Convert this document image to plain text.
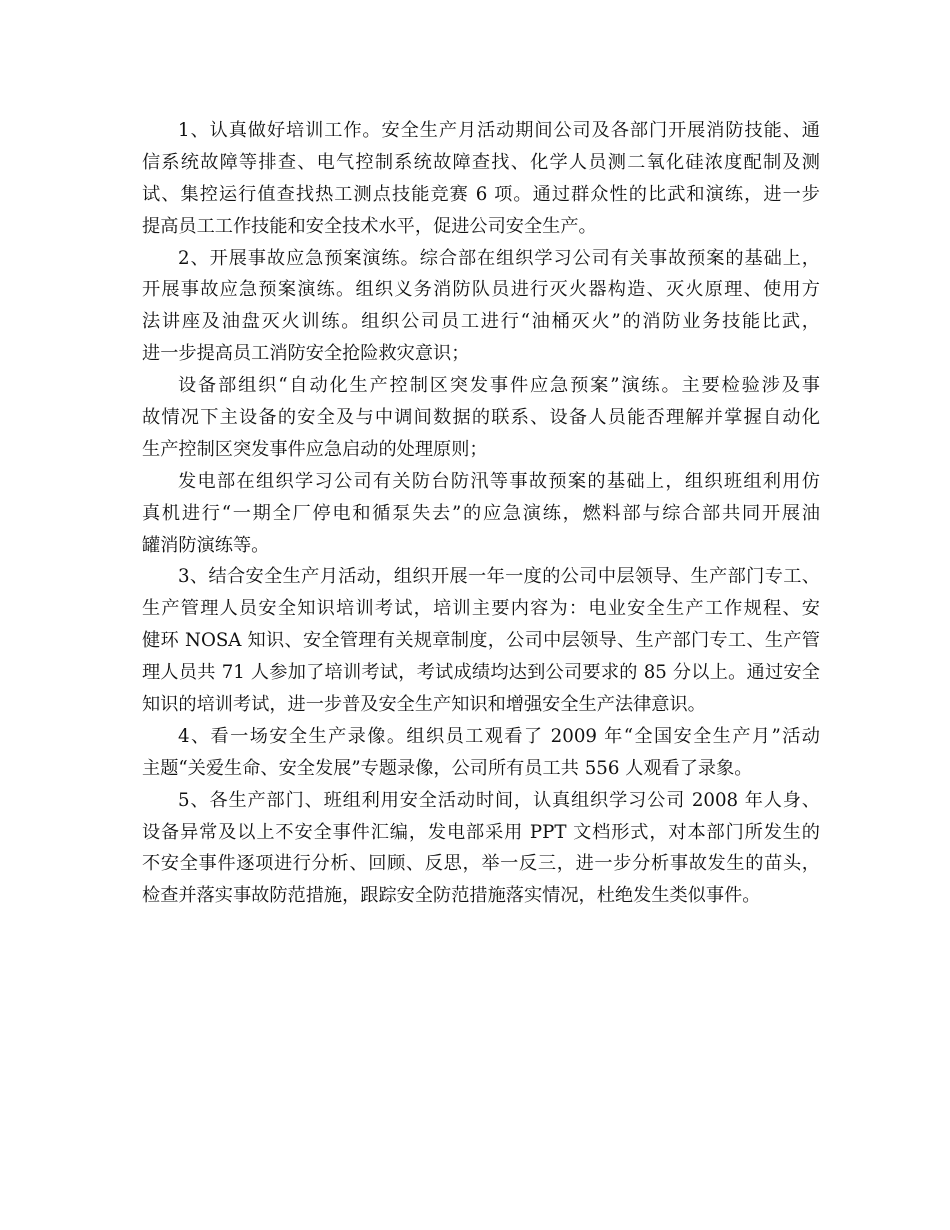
1、认真做好培训工作。安全生产月活动期间公司及各部门开展消防技能、通
信系统故障等排查、电气控制系统故障查找、化学人员测二氧化硅浓度配制及测
试、集控运行值查找热工测点技能竞赛 6 项。通过群众性的比武和演练，进一步
提高员工工作技能和安全技术水平，促进公司安全生产。
2、开展事故应急预案演练。综合部在组织学习公司有关事故预案的基础上，
开展事故应急预案演练。组织义务消防队员进行灭火器构造、灭火原理、使用方
法讲座及油盘灭火训练。组织公司员工进行“油桶灭火”的消防业务技能比武，
进一步提高员工消防安全抢险救灾意识；
设备部组织“自动化生产控制区突发事件应急预案”演练。主要检验涉及事
故情况下主设备的安全及与中调间数据的联系、设备人员能否理解并掌握自动化
生产控制区突发事件应急启动的处理原则；
发电部在组织学习公司有关防台防汛等事故预案的基础上，组织班组利用仿
真机进行“一期全厂停电和循泵失去”的应急演练，燃料部与综合部共同开展油
罐消防演练等。
3、结合安全生产月活动，组织开展一年一度的公司中层领导、生产部门专工、
生产管理人员安全知识培训考试，培训主要内容为：电业安全生产工作规程、安
健环 NOSA 知识、安全管理有关规章制度，公司中层领导、生产部门专工、生产管
理人员共 71 人参加了培训考试，考试成绩均达到公司要求的 85 分以上。通过安全
知识的培训考试，进一步普及安全生产知识和增强安全生产法律意识。
4、看一场安全生产录像。组织员工观看了 2009 年“全国安全生产月”活动
主题“关爱生命、安全发展”专题录像，公司所有员工共 556 人观看了录象。
5、各生产部门、班组利用安全活动时间，认真组织学习公司 2008 年人身、
设备异常及以上不安全事件汇编，发电部采用 PPT 文档形式，对本部门所发生的
不安全事件逐项进行分析、回顾、反思，举一反三，进一步分析事故发生的苗头，
检查并落实事故防范措施，跟踪安全防范措施落实情况，杜绝发生类似事件。
